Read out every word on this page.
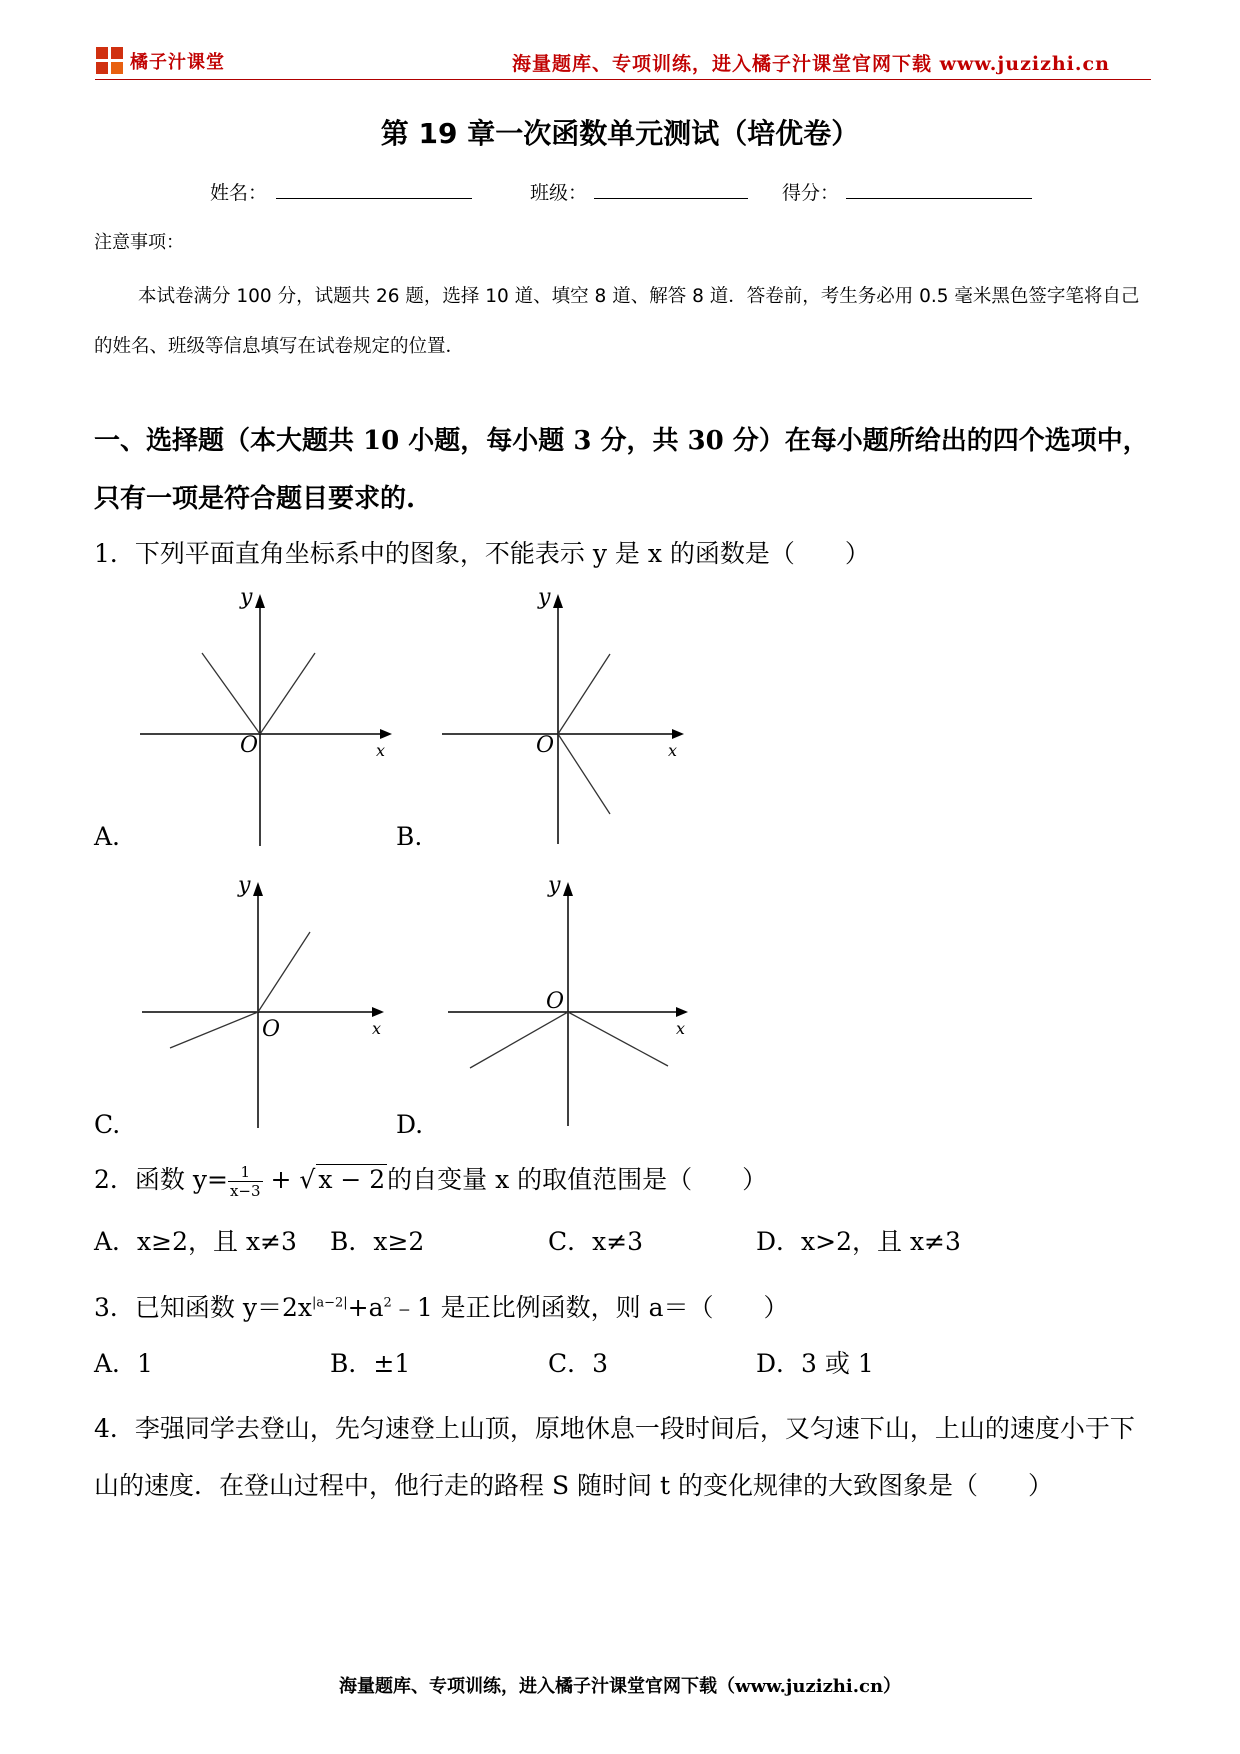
橘子汁课堂	海量题库、专项训练，进入橘子汁课堂官网下载 www.juzizhi.cn
第 19 章一次函数单元测试（培优卷）
姓名：	班级：	得分：
注意事项：
本试卷满分 100 分，试题共 26 题，选择 10 道、填空 8 道、解答 8 道．答卷前，考生务必用 0.5 毫米黑色签字笔将自己的姓名、班级等信息填写在试卷规定的位置．
一、选择题（本大题共 10 小题，每小题 3 分，共 30 分）在每小题所给出的四个选项中，只有一项是符合题目要求的.
1．下列平面直角坐标系中的图象，不能表示 y 是 x 的函数是（　　）
y
O	x
A.
y
O	x
B.
y
O	x
C.
y
O
x
D.
2．函数 $y= \frac{1}{x-3}$ + √ x − 2的自变量 x 的取值范围是（　　）
A．x≥2，且 x≠3 B．x≥2	C．x≠3	D．x>2，且 x≠3
3．已知函数 $y=2x^{|a-2|}+a^2﹣1$ 是正比例函数，则 a＝（　　）
A．1	B．±1	C．3	D．3 或 1
4．李强同学去登山，先匀速登上山顶，原地休息一段时间后，又匀速下山，上山的速度小于下山的速度．在登山过程中，他行走的路程 S 随时间 t 的变化规律的大致图象是（　　）
海量题库、专项训练，进入橘子汁课堂官网下载（www.juzizhi.cn）
